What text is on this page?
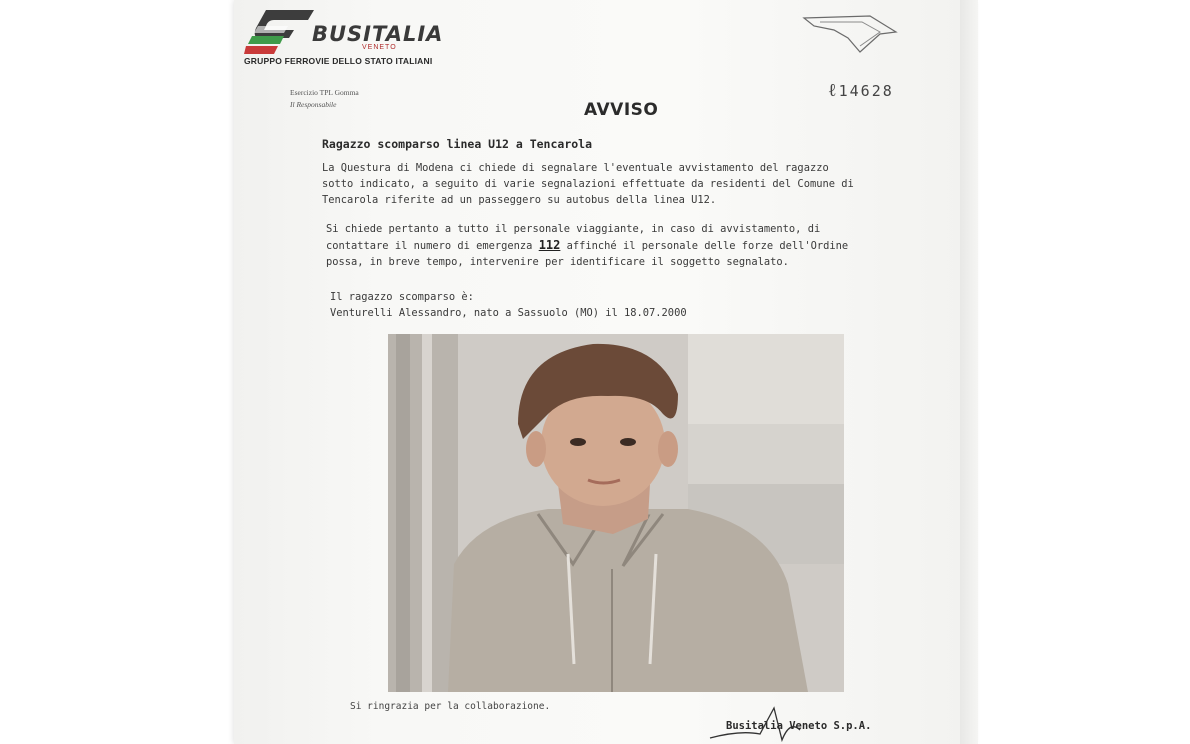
BUSITALIA
VENETO
GRUPPO FERROVIE DELLO STATO ITALIANI
Esercizio TPL Gomma
Il Responsabile
ℓ14628
AVVISO
Ragazzo scomparso linea U12 a Tencarola
La Questura di Modena ci chiede di segnalare l'eventuale avvistamento del ragazzo
sotto indicato, a seguito di varie segnalazioni effettuate da residenti del Comune di
Tencarola riferite ad un passeggero su autobus della linea U12.
Si chiede pertanto a tutto il personale viaggiante, in caso di avvistamento, di
contattare il numero di emergenza 112 affinché il personale delle forze dell'Ordine
possa, in breve tempo, intervenire per identificare il soggetto segnalato.
Il ragazzo scomparso è:
Venturelli Alessandro, nato a Sassuolo (MO) il 18.07.2000
Si ringrazia per la collaborazione.
Busitalia Veneto S.p.A.
